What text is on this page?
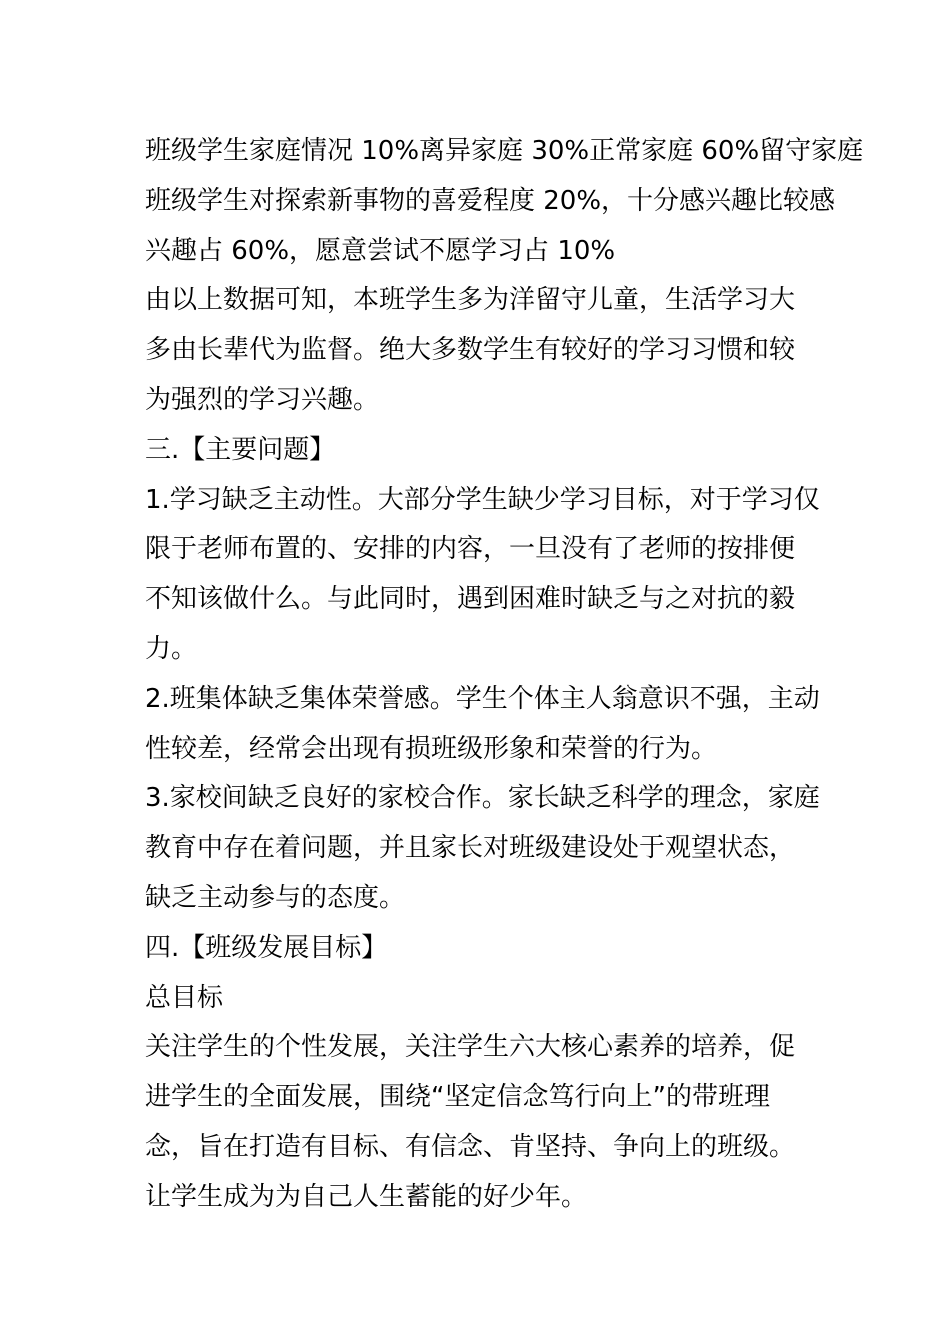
班级学生家庭情况 10%离异家庭 30%正常家庭 60%留守家庭
班级学生对探索新事物的喜爱程度 20%，十分感兴趣比较感
兴趣占 60%，愿意尝试不愿学习占 10%
由以上数据可知，本班学生多为洋留守儿童，生活学习大
多由长辈代为监督。绝大多数学生有较好的学习习惯和较
为强烈的学习兴趣。
三.【主要问题】
1.学习缺乏主动性。大部分学生缺少学习目标，对于学习仅
限于老师布置的、安排的内容，一旦没有了老师的按排便
不知该做什么。与此同时，遇到困难时缺乏与之对抗的毅
力。
2.班集体缺乏集体荣誉感。学生个体主人翁意识不强，主动
性较差，经常会出现有损班级形象和荣誉的行为。
3.家校间缺乏良好的家校合作。家长缺乏科学的理念，家庭
教育中存在着问题，并且家长对班级建设处于观望状态，
缺乏主动参与的态度。
四.【班级发展目标】
总目标
关注学生的个性发展，关注学生六大核心素养的培养，促
进学生的全面发展，围绕“坚定信念笃行向上”的带班理
念，旨在打造有目标、有信念、肯坚持、争向上的班级。
让学生成为为自己人生蓄能的好少年。
